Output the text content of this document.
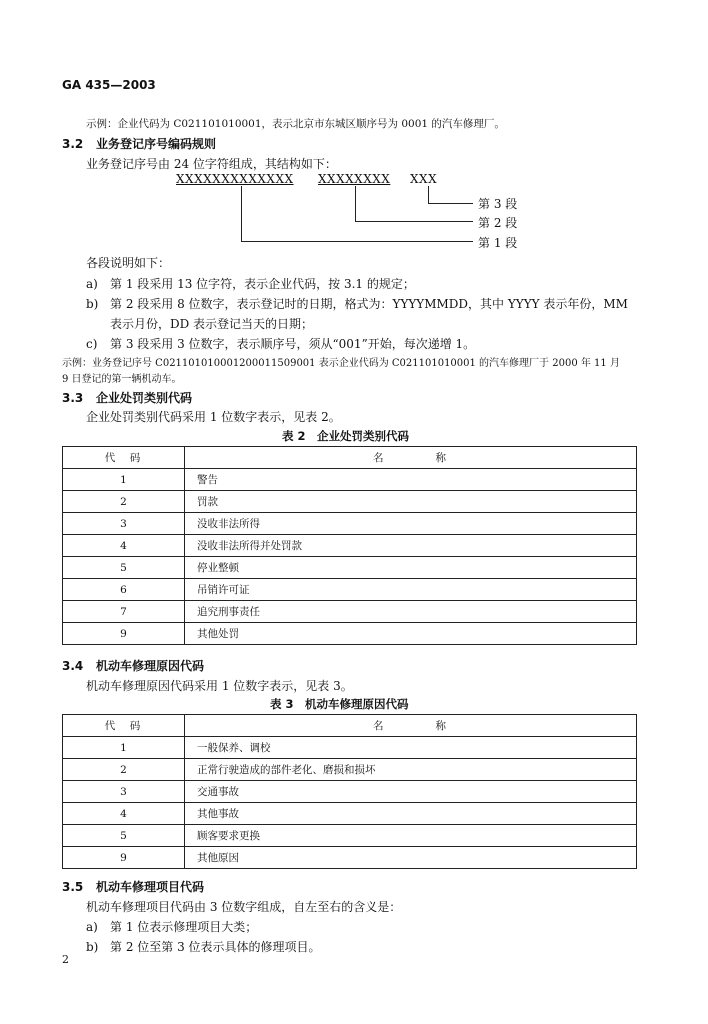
GA 435—2003
示例：企业代码为 C021101010001，表示北京市东城区顺序号为 0001 的汽车修理厂。
3.2 业务登记序号编码规则
业务登记序号由 24 位字符组成，其结构如下：
XXXXXXXXXXXXX XXXXXXXX XXX
第 3 段
第 2 段
第 1 段
各段说明如下：
a) 第 1 段采用 13 位字符，表示企业代码，按 3.1 的规定；
b) 第 2 段采用 8 位数字，表示登记时的日期，格式为：YYYYMMDD，其中 YYYY 表示年份，MM
表示月份，DD 表示登记当天的日期；
c) 第 3 段采用 3 位数字，表示顺序号，须从“001”开始，每次递增 1。
示例：业务登记序号 C021101010001200011509001 表示企业代码为 C021101010001 的汽车修理厂于 2000 年 11 月
9 日登记的第一辆机动车。
3.3 企业处罚类别代码
企业处罚类别代码采用 1 位数字表示，见表 2。
表 2　企业处罚类别代码
代　码	名　　　　称
1	警告
2	罚款
3	没收非法所得
4	没收非法所得并处罚款
5	停业整顿
6	吊销许可证
7	追究刑事责任
9	其他处罚
3.4 机动车修理原因代码
机动车修理原因代码采用 1 位数字表示，见表 3。
表 3　机动车修理原因代码
代　码	名　　　　称
1	一般保养、调校
2	正常行驶造成的部件老化、磨损和损坏
3	交通事故
4	其他事故
5	顾客要求更换
9	其他原因
3.5 机动车修理项目代码
机动车修理项目代码由 3 位数字组成，自左至右的含义是：
a) 第 1 位表示修理项目大类；
b) 第 2 位至第 3 位表示具体的修理项目。
2
